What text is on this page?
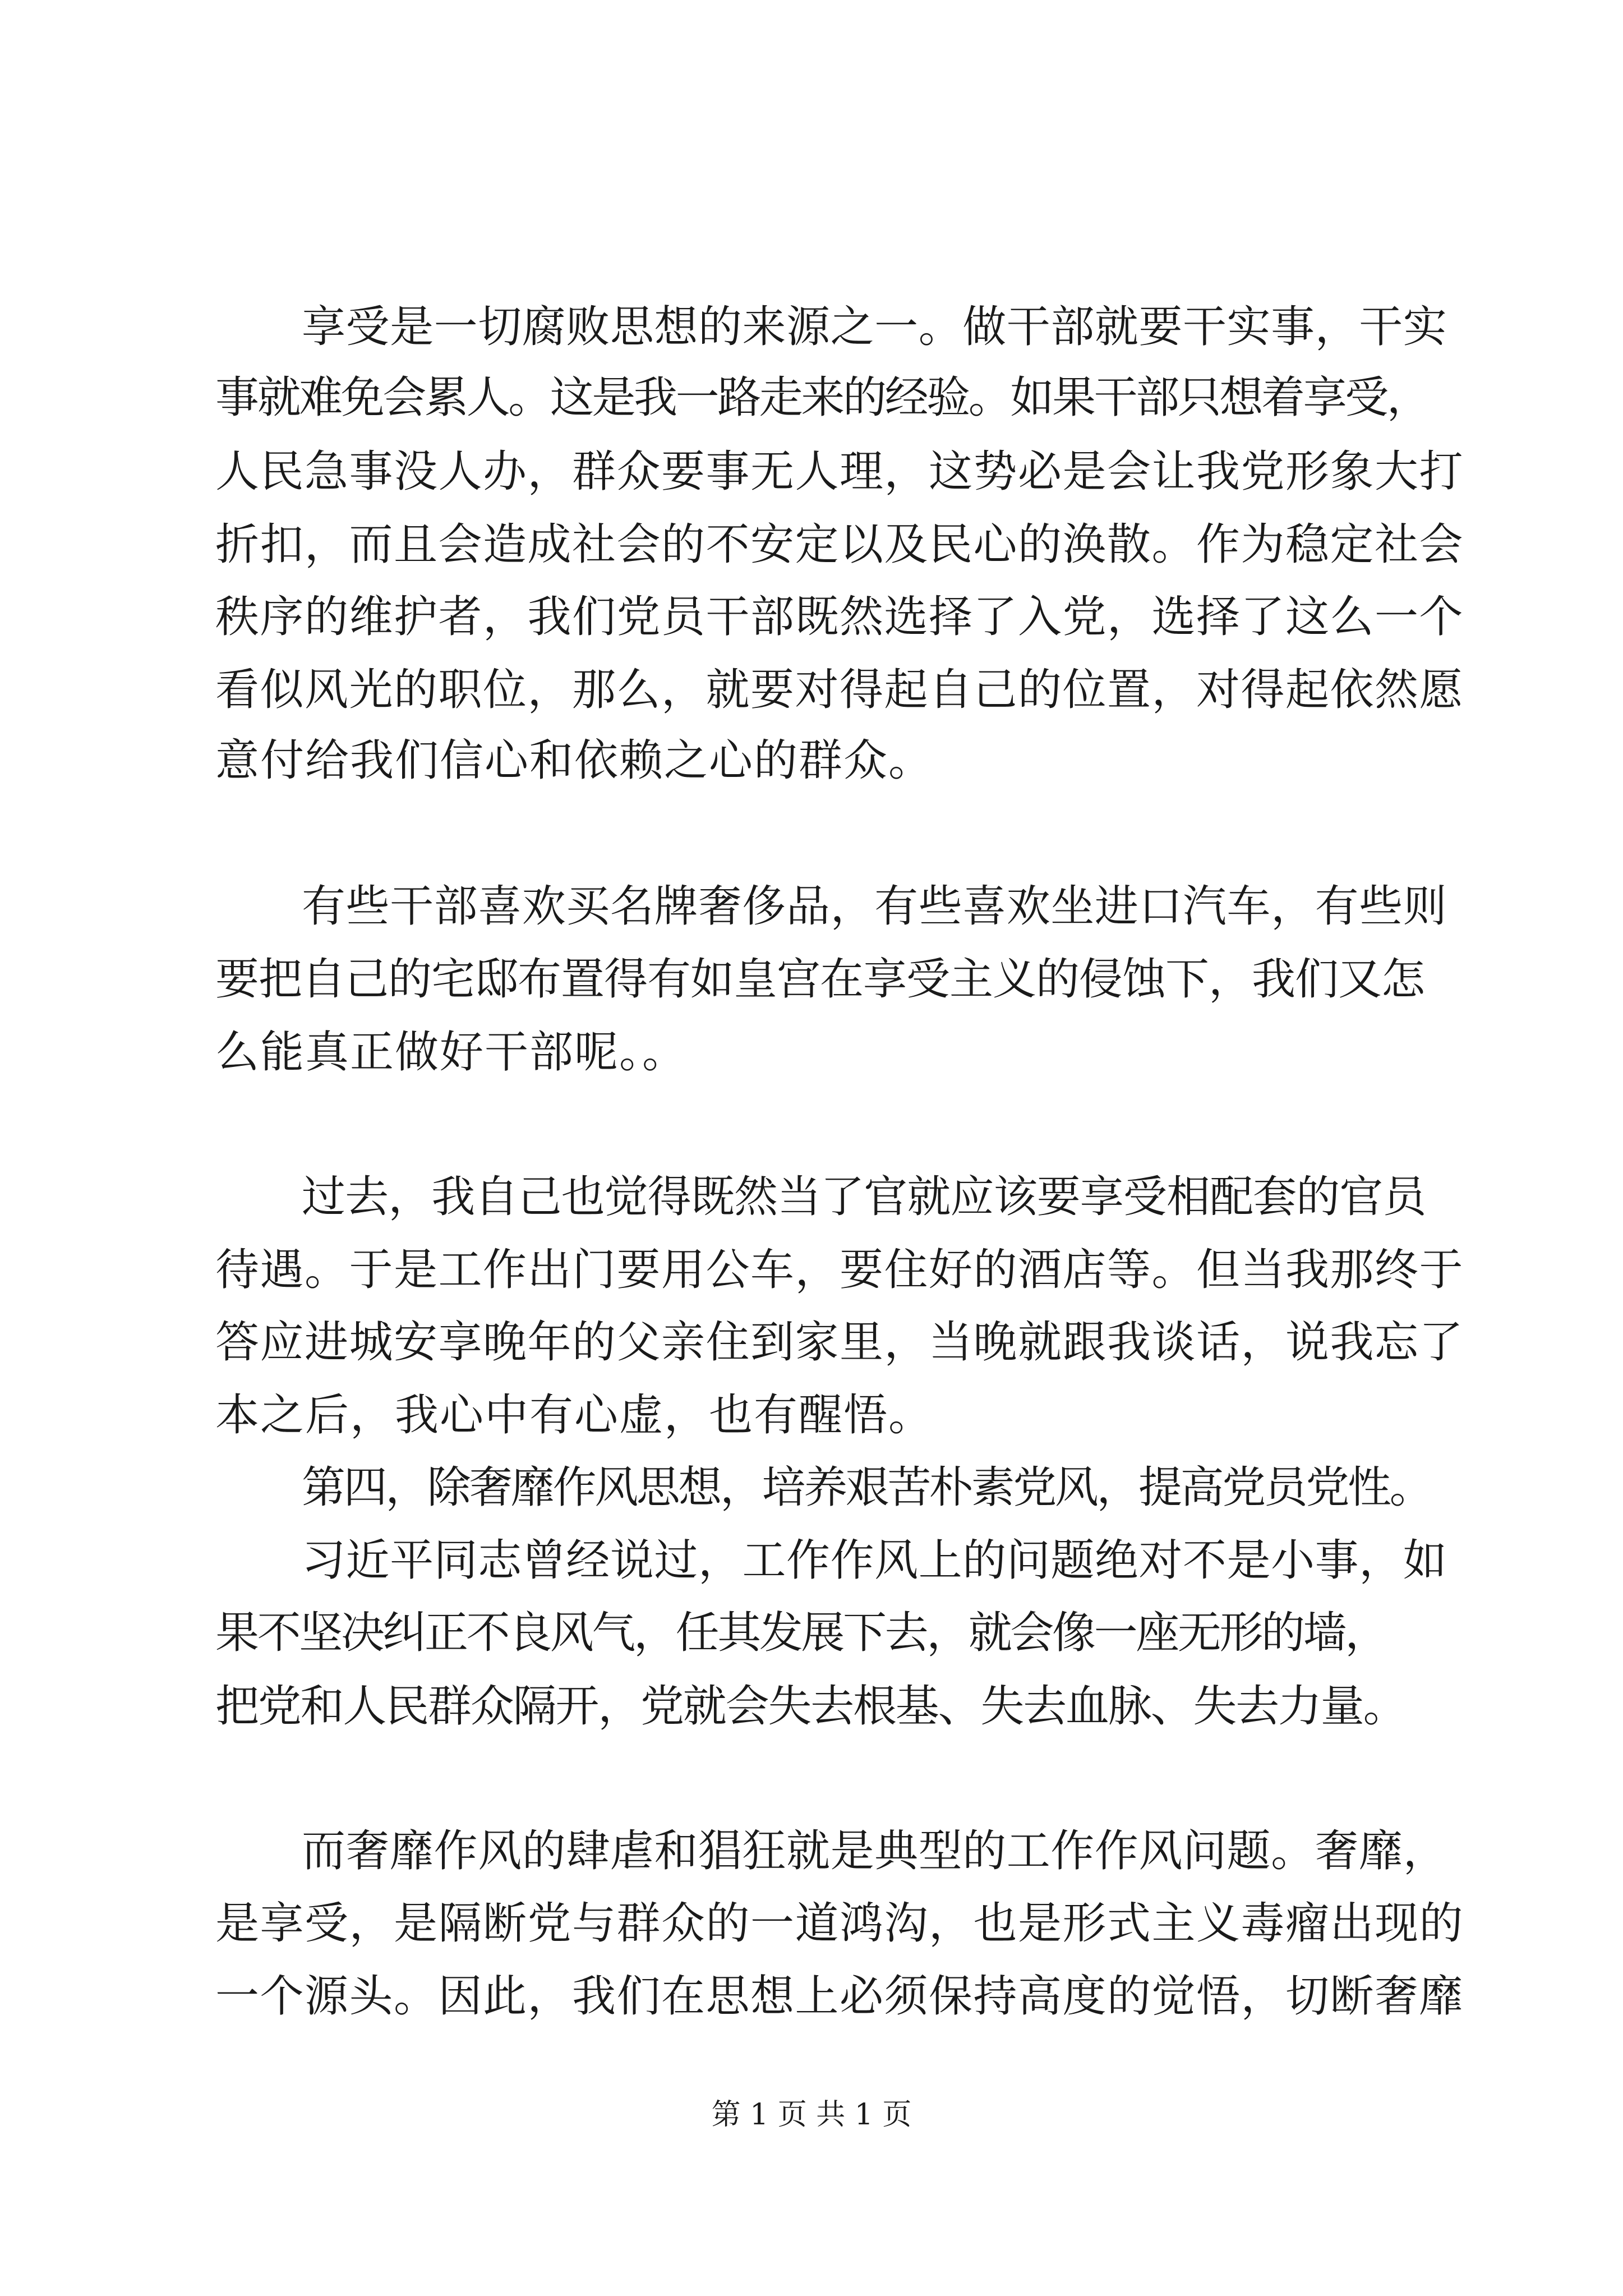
享受是一切腐败思想的来源之一。做干部就要干实事，干实
事就难免会累人。这是我一路走来的经验。如果干部只想着享受，
人民急事没人办，群众要事无人理，这势必是会让我党形象大打
折扣，而且会造成社会的不安定以及民心的涣散。作为稳定社会
秩序的维护者，我们党员干部既然选择了入党，选择了这么一个
看似风光的职位，那么，就要对得起自己的位置，对得起依然愿
意付给我们信心和依赖之心的群众。
有些干部喜欢买名牌奢侈品，有些喜欢坐进口汽车，有些则
要把自己的宅邸布置得有如皇宫在享受主义的侵蚀下，我们又怎
么能真正做好干部呢。。
过去，我自己也觉得既然当了官就应该要享受相配套的官员
待遇。于是工作出门要用公车，要住好的酒店等。但当我那终于
答应进城安享晚年的父亲住到家里，当晚就跟我谈话，说我忘了
本之后，我心中有心虚，也有醒悟。
第四，除奢靡作风思想，培养艰苦朴素党风，提高党员党性。
习近平同志曾经说过，工作作风上的问题绝对不是小事，如
果不坚决纠正不良风气，任其发展下去，就会像一座无形的墙，
把党和人民群众隔开，党就会失去根基、失去血脉、失去力量。
而奢靡作风的肆虐和猖狂就是典型的工作作风问题。奢靡，
是享受，是隔断党与群众的一道鸿沟，也是形式主义毒瘤出现的
一个源头。因此，我们在思想上必须保持高度的觉悟，切断奢靡
第 1 页 共 1 页
